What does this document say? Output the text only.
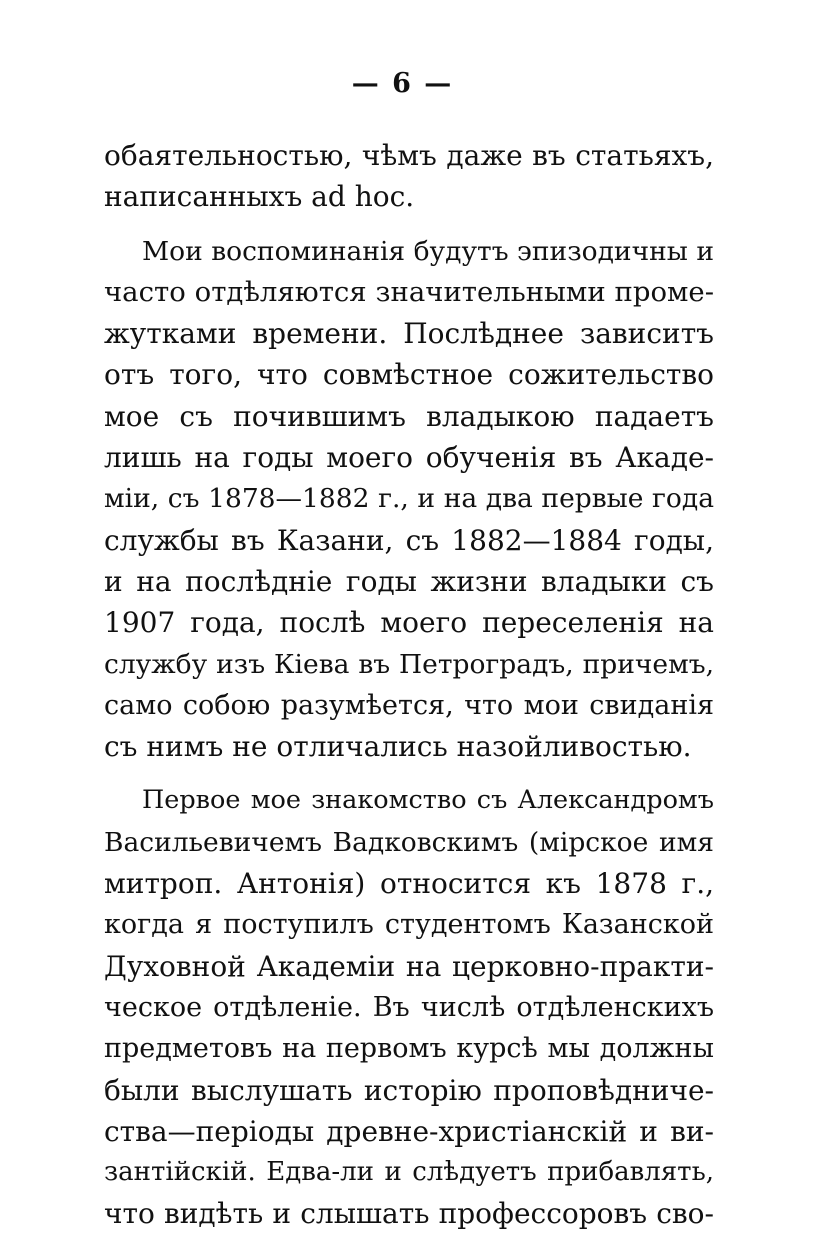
— 6 —
обаятельностью, чѣмъ даже въ статьяхъ,
написанныхъ ad hoc.
Мои воспоминанія будутъ эпизодичны и
часто отдѣляются значительными проме-
жутками времени. Послѣднее зависитъ
отъ того, что совмѣстное сожительство
мое съ почившимъ владыкою падаетъ
лишь на годы моего обученія въ Акаде-
міи, съ 1878—1882 г., и на два первые года
службы въ Казани, съ 1882—1884 годы,
и на послѣдніе годы жизни владыки съ
1907 года, послѣ моего переселенія на
службу изъ Кіева въ Петроградъ, причемъ,
само собою разумѣется, что мои свиданія
съ нимъ не отличались назойливостью.
Первое мое знакомство съ Александромъ
Васильевичемъ Вадковскимъ (мірское имя
митроп. Антонія) относится къ 1878 г.,
когда я поступилъ студентомъ Казанской
Духовной Академіи на церковно-практи-
ческое отдѣленіе. Въ числѣ отдѣленскихъ
предметовъ на первомъ курсѣ мы должны
были выслушать исторію проповѣдниче-
ства—періоды древне-христіанскій и ви-
зантійскій. Едва-ли и слѣдуетъ прибавлять,
что видѣть и слышать профессоровъ сво-
